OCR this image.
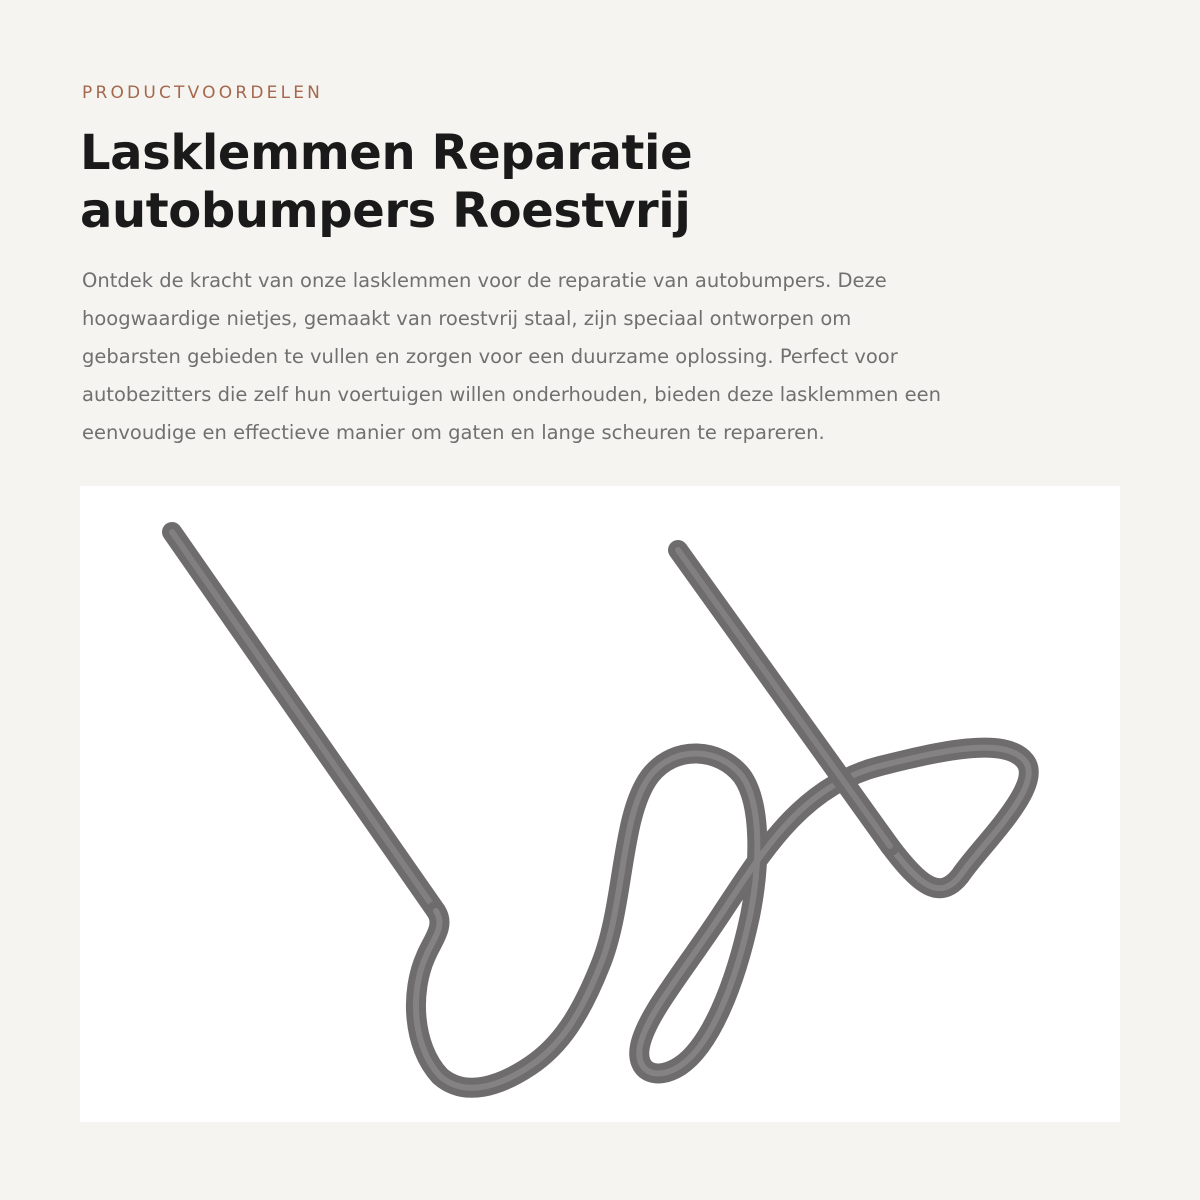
PRODUCTVOORDELEN

Lasklemmen Reparatie
autobumpers Roestvrij

Ontdek de kracht van onze lasklemmen voor de reparatie van autobumpers. Deze
hoogwaardige nietjes, gemaakt van roestvrij staal, zijn speciaal ontworpen om
gebarsten gebieden te vullen en zorgen voor een duurzame oplossing. Perfect voor
autobezitters die zelf hun voertuigen willen onderhouden, bieden deze lasklemmen een
eenvoudige en effectieve manier om gaten en lange scheuren te repareren.
